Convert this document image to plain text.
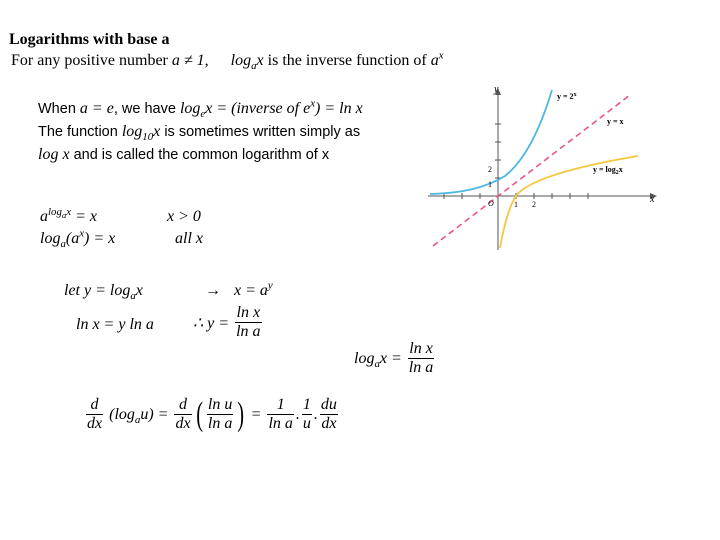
Logarithms with base a
For any positive number a ≠ 1, $\log_ax$ is the inverse function of $a^x$
When a = e, we have $\log_ex$ = (inverse of $e^x) = \ln x$
The function $\log_{10}x$ is sometimes written simply as
log x and is called the common logarithm of x
$a^{log_ax} = x$	x > 0
$\log_a(a^x) = x$	all x
let $y = \log_ax$	→ $x = a^y$
ln x = y ln a ∴ $y = \frac{\text{ln x}}{\text{ln a}}$
$\log_ax = \frac{\text{ln x}}{\text{ln a}}$
$\frac{d}{dx} (\log_au) = \frac{d}{dx}$ ( $\frac{\text{ln u}}{\text{ln a}}$ ) = $\frac{1}{\text{ln a}}$ . $\frac{1}{u}$ . $\frac{du}{dx}$
y
x
O	1 2
1
2
$y = 2^x$
y = x
$y = \log_2x$
